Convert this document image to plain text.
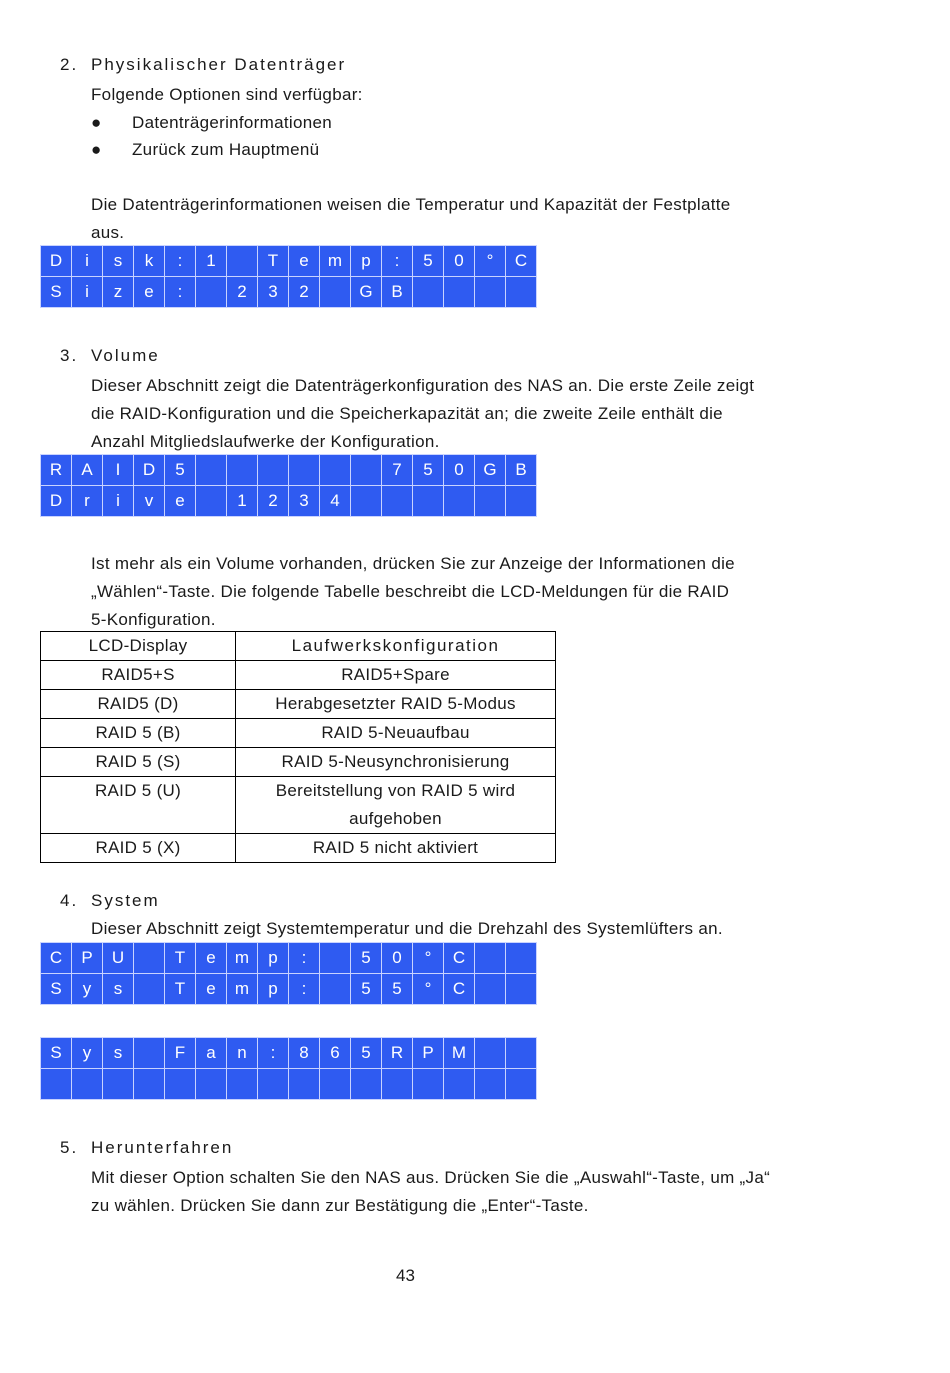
2. Physikalischer Datenträger
Folgende Optionen sind verfügbar:
● Datenträgerinformationen
● Zurück zum Hauptmenü
Die Datenträgerinformationen weisen die Temperatur und Kapazität der Festplatte
aus.
D	i	s	k	:	1		T	e	m	p	:	5	0	°	C
S	i	z	e	:		2	3	2		G	B				
3. Volume
Dieser Abschnitt zeigt die Datenträgerkonfiguration des NAS an. Die erste Zeile zeigt
die RAID-Konfiguration und die Speicherkapazität an; die zweite Zeile enthält die
Anzahl Mitgliedslaufwerke der Konfiguration.
R	A	I	D	5							7	5	0	G	B
D	r	i	v	e		1	2	3	4						
Ist mehr als ein Volume vorhanden, drücken Sie zur Anzeige der Informationen die
„Wählen“-Taste. Die folgende Tabelle beschreibt die LCD-Meldungen für die RAID
5-Konfiguration.
LCD-Display	Laufwerkskonfiguration
RAID5+S	RAID5+Spare
RAID5 (D)	Herabgesetzter RAID 5-Modus
RAID 5 (B)	RAID 5-Neuaufbau
RAID 5 (S)	RAID 5-Neusynchronisierung
RAID 5 (U)	Bereitstellung von RAID 5 wird aufgehoben
RAID 5 (X)	RAID 5 nicht aktiviert
4. System
Dieser Abschnitt zeigt Systemtemperatur und die Drehzahl des Systemlüfters an.
C	P	U		T	e	m	p	:		5	0	°	C		
S	y	s		T	e	m	p	:		5	5	°	C		
S	y	s		F	a	n	:	8	6	5	R	P	M		

5. Herunterfahren
Mit dieser Option schalten Sie den NAS aus. Drücken Sie die „Auswahl“-Taste, um „Ja“
zu wählen. Drücken Sie dann zur Bestätigung die „Enter“-Taste.
43
